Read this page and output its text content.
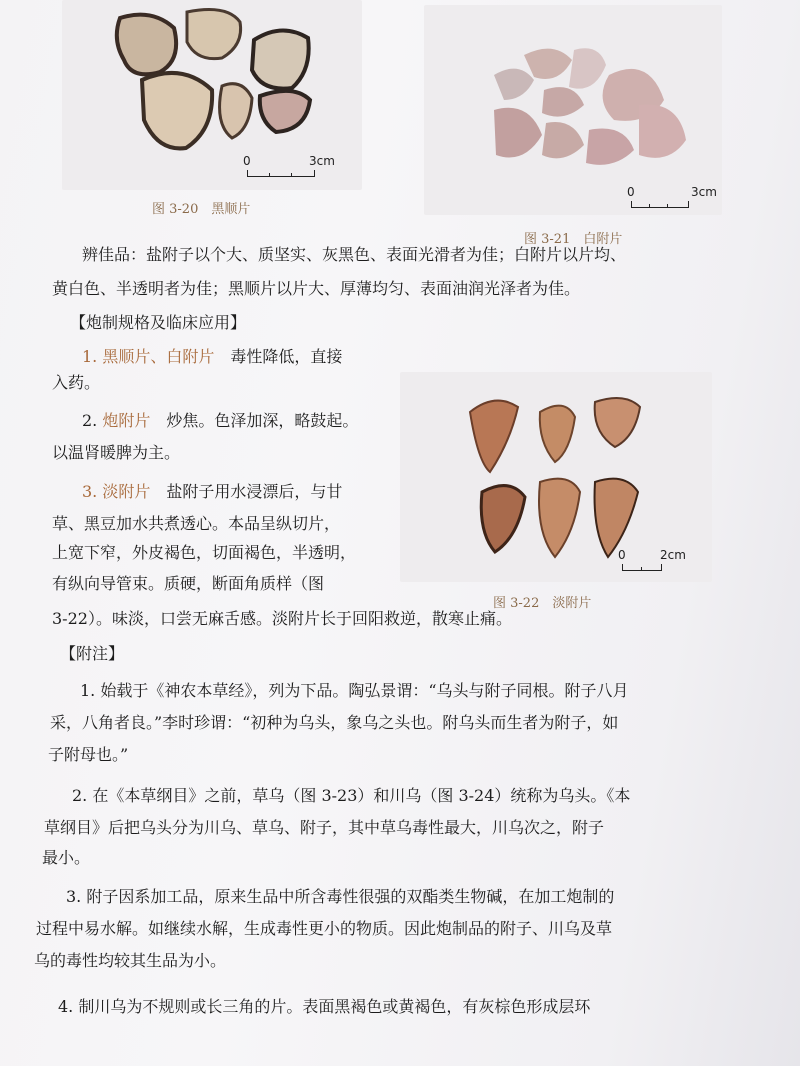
0	3cm
图 3-20　黑顺片
0	3cm
图 3-21　白附片
0	2cm
图 3-22　淡附片
辨佳品：盐附子以个大、质坚实、灰黑色、表面光滑者为佳；白附片以片均、
黄白色、半透明者为佳；黑顺片以片大、厚薄均匀、表面油润光泽者为佳。
【炮制规格及临床应用】
1. 黑顺片、白附片　毒性降低，直接
入药。
2. 炮附片　炒焦。色泽加深，略鼓起。
以温肾暖脾为主。
3. 淡附片　盐附子用水浸漂后，与甘
草、黑豆加水共煮透心。本品呈纵切片，
上宽下窄，外皮褐色，切面褐色，半透明，
有纵向导管束。质硬，断面角质样（图
3-22）。味淡，口尝无麻舌感。淡附片长于回阳救逆，散寒止痛。
【附注】
1. 始载于《神农本草经》，列为下品。陶弘景谓：“乌头与附子同根。附子八月
采，八角者良。”李时珍谓：“初种为乌头，象乌之头也。附乌头而生者为附子，如
子附母也。”
2. 在《本草纲目》之前，草乌（图 3-23）和川乌（图 3-24）统称为乌头。《本
草纲目》后把乌头分为川乌、草乌、附子，其中草乌毒性最大，川乌次之，附子
最小。
3. 附子因系加工品，原来生品中所含毒性很强的双酯类生物碱，在加工炮制的
过程中易水解。如继续水解，生成毒性更小的物质。因此炮制品的附子、川乌及草
乌的毒性均较其生品为小。
4. 制川乌为不规则或长三角的片。表面黑褐色或黄褐色，有灰棕色形成层环
